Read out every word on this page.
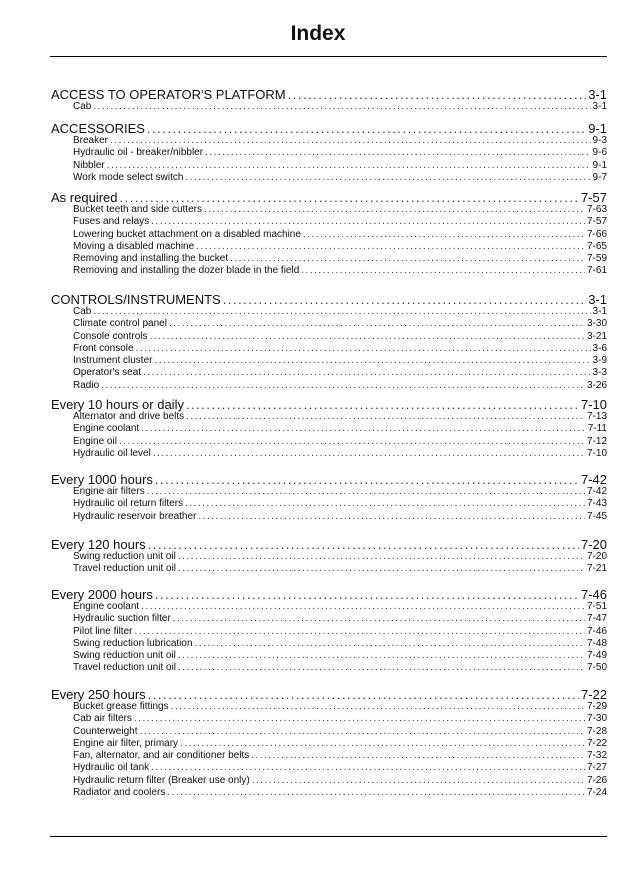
Index
ACCESS TO OPERATOR'S PLATFORM .....	3-1
Cab .....	3-1
ACCESSORIES .....	9-1
Breaker .....	9-3
Hydraulic oil - breaker/nibbler .....	9-6
Nibbler .....	9-1
Work mode select switch .....	9-7
As required .....	7-57
Bucket teeth and side cutters .....	7-63
Fuses and relays .....	7-57
Lowering bucket attachment on a disabled machine .....	7-66
Moving a disabled machine .....	7-65
Removing and installing the bucket .....	7-59
Removing and installing the dozer blade in the field .....	7-61
CONTROLS/INSTRUMENTS .....	3-1
Cab .....	3-1
Climate control panel .....	3-30
Console controls .....	3-21
Front console .....	3-6
Instrument cluster .....	3-9
Operator's seat .....	3-3
Radio .....	3-26
Every 10 hours or daily .....	7-10
Alternator and drive belts .....	7-13
Engine coolant .....	7-11
Engine oil .....	7-12
Hydraulic oil level .....	7-10
Every 1000 hours .....	7-42
Engine air filters .....	7-42
Hydraulic oil return filters .....	7-43
Hydraulic reservoir breather .....	7-45
Every 120 hours .....	7-20
Swing reduction unit oil .....	7-20
Travel reduction unit oil .....	7-21
Every 2000 hours .....	7-46
Engine coolant .....	7-51
Hydraulic suction filter .....	7-47
Pilot line filter .....	7-46
Swing reduction lubrication .....	7-48
Swing reduction unit oil .....	7-49
Travel reduction unit oil .....	7-50
Every 250 hours .....	7-22
Bucket grease fittings .....	7-29
Cab air filters .....	7-30
Counterweight .....	7-28
Engine air filter, primary .....	7-22
Fan, alternator, and air conditioner belts .....	7-32
Hydraulic oil tank .....	7-27
Hydraulic return filter (Breaker use only) .....	7-26
Radiator and coolers .....	7-24
